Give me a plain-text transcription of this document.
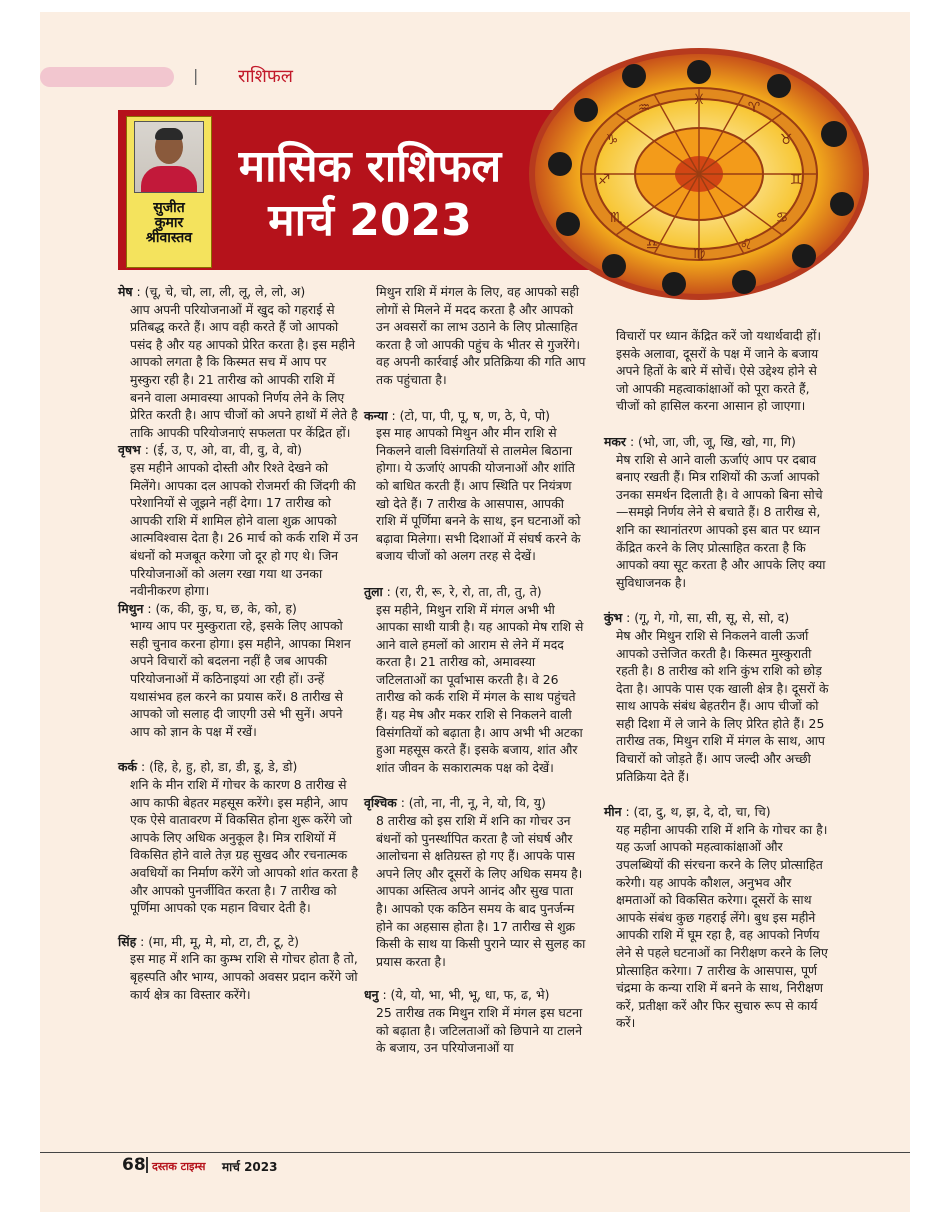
| राशिफल
सुजीत
कुमार
श्रीवास्तव
मासिक राशिफल
मार्च 2023
♓	♈
♉
♊
♋
♌
♍
♎
♏
♐
♑
♒
मेष : (चू, चे, चो, ला, ली, लू, ले, लो, अ)
आप अपनी परियोजनाओं में खुद को गहराई से प्रतिबद्ध करते हैं। आप वही करते हैं जो आपको पसंद है और यह आपको प्रेरित करता है। इस महीने आपको लगता है कि किस्मत सच में आप पर मुस्कुरा रही है। 21 तारीख को आपकी राशि में बनने वाला अमावस्या आपको निर्णय लेने के लिए प्रेरित करती है। आप चीजों को अपने हाथों में लेते है ताकि आपकी परियोजनाएं सफलता पर केंद्रित हों।
वृषभ : (ई, उ, ए, ओ, वा, वी, वु, वे, वो)
इस महीने आपको दोस्ती और रिश्ते देखने को मिलेंगे। आपका दल आपको रोजमर्रा की जिंदगी की परेशानियों से जूझने नहीं देगा। 17 तारीख को आपकी राशि में शामिल होने वाला शुक्र आपको आत्मविश्वास देता है। 26 मार्च को कर्क राशि में उन बंधनों को मजबूत करेगा जो दूर हो गए थे। जिन परियोजनाओं को अलग रखा गया था उनका नवीनीकरण होगा।
मिथुन : (क, की, कु, घ, छ, के, को, ह)
भाग्य आप पर मुस्कुराता रहे, इसके लिए आपको सही चुनाव करना होगा। इस महीने, आपका मिशन अपने विचारों को बदलना नहीं है जब आपकी परियोजनाओं में कठिनाइयां आ रही हों। उन्हें यथासंभव हल करने का प्रयास करें। 8 तारीख से आपको जो सलाह दी जाएगी उसे भी सुनें। अपने आप को ज्ञान के पक्ष में रखें।
कर्क : (हि, हे, हु, हो, डा, डी, डू, डे, डो)
शनि के मीन राशि में गोचर के कारण 8 तारीख से आप काफी बेहतर महसूस करेंगे। इस महीने, आप एक ऐसे वातावरण में विकसित होना शुरू करेंगे जो आपके लिए अधिक अनुकूल है। मित्र राशियों में विकसित होने वाले तेज़ ग्रह सुखद और रचनात्मक अवधियों का निर्माण करेंगे जो आपको शांत करता है और आपको पुनर्जीवित करता है। 7 तारीख को पूर्णिमा आपको एक महान विचार देती है।
सिंह : (मा, मी, मू, मे, मो, टा, टी, टू, टे)
इस माह में शनि का कुम्भ राशि से गोचर होता है तो, बृहस्पति और भाग्य, आपको अवसर प्रदान करेंगे जो कार्य क्षेत्र का विस्तार करेंगे।
मिथुन राशि में मंगल के लिए, वह आपको सही लोगों से मिलने में मदद करता है और आपको उन अवसरों का लाभ उठाने के लिए प्रोत्साहित करता है जो आपकी पहुंच के भीतर से गुजरेंगे। वह अपनी कार्रवाई और प्रतिक्रिया की गति आप तक पहुंचाता है।
कन्या : (टो, पा, पी, पू, ष, ण, ठे, पे, पो)
इस माह आपको मिथुन और मीन राशि से निकलने वाली विसंगतियों से तालमेल बिठाना होगा। ये ऊर्जाएं आपकी योजनाओं और शांति को बाधित करती हैं। आप स्थिति पर नियंत्रण खो देते हैं। 7 तारीख के आसपास, आपकी राशि में पूर्णिमा बनने के साथ, इन घटनाओं को बढ़ावा मिलेगा। सभी दिशाओं में संघर्ष करने के बजाय चीजों को अलग तरह से देखें।
तुला : (रा, री, रू, रे, रो, ता, ती, तु, ते)
इस महीने, मिथुन राशि में मंगल अभी भी आपका साथी यात्री है। यह आपको मेष राशि से आने वाले हमलों को आराम से लेने में मदद करता है। 21 तारीख को, अमावस्या जटिलताओं का पूर्वाभास करती है। वे 26 तारीख को कर्क राशि में मंगल के साथ पहुंचते हैं। यह मेष और मकर राशि से निकलने वाली विसंगतियों को बढ़ाता है। आप अभी भी अटका हुआ महसूस करते हैं। इसके बजाय, शांत और शांत जीवन के सकारात्मक पक्ष को देखें।
वृश्चिक : (तो, ना, नी, नू, ने, यो, यि, यु)
8 तारीख को इस राशि में शनि का गोचर उन बंधनों को पुनर्स्थापित करता है जो संघर्ष और आलोचना से क्षतिग्रस्त हो गए हैं। आपके पास अपने लिए और दूसरों के लिए अधिक समय है। आपका अस्तित्व अपने आनंद और सुख पाता है। आपको एक कठिन समय के बाद पुनर्जन्म होने का अहसास होता है। 17 तारीख से शुक्र किसी के साथ या किसी पुराने प्यार से सुलह का प्रयास करता है।
धनु : (ये, यो, भा, भी, भू, धा, फ, ढ, भे)
25 तारीख तक मिथुन राशि में मंगल इस घटना को बढ़ाता है। जटिलताओं को छिपाने या टालने के बजाय, उन परियोजनाओं या
विचारों पर ध्यान केंद्रित करें जो यथार्थवादी हों। इसके अलावा, दूसरों के पक्ष में जाने के बजाय अपने हितों के बारे में सोचें। ऐसे उद्देश्य होने से जो आपकी महत्वाकांक्षाओं को पूरा करते हैं, चीजों को हासिल करना आसान हो जाएगा।
मकर : (भो, जा, जी, जू, खि, खो, गा, गि)
मेष राशि से आने वाली ऊर्जाएं आप पर दबाव बनाए रखती हैं। मित्र राशियों की ऊर्जा आपको उनका समर्थन दिलाती है। वे आपको बिना सोचे—समझे निर्णय लेने से बचाते हैं। 8 तारीख से, शनि का स्थानांतरण आपको इस बात पर ध्यान केंद्रित करने के लिए प्रोत्साहित करता है कि आपको क्या सूट करता है और आपके लिए क्या सुविधाजनक है।
कुंभ : (गू, गे, गो, सा, सी, सू, से, सो, द)
मेष और मिथुन राशि से निकलने वाली ऊर्जा आपको उत्तेजित करती है। किस्मत मुस्कुराती रहती है। 8 तारीख को शनि कुंभ राशि को छोड़ देता है। आपके पास एक खाली क्षेत्र है। दूसरों के साथ आपके संबंध बेहतरीन हैं। आप चीजों को सही दिशा में ले जाने के लिए प्रेरित होते हैं। 25 तारीख तक, मिथुन राशि में मंगल के साथ, आप विचारों को जोड़ते हैं। आप जल्दी और अच्छी प्रतिक्रिया देते हैं।
मीन : (दा, दु, थ, झ, दे, दो, चा, चि)
यह महीना आपकी राशि में शनि के गोचर का है। यह ऊर्जा आपको महत्वाकांक्षाओं और उपलब्धियों की संरचना करने के लिए प्रोत्साहित करेगी। यह आपके कौशल, अनुभव और क्षमताओं को विकसित करेगा। दूसरों के साथ आपके संबंध कुछ गहराई लेंगे। बुध इस महीने आपकी राशि में घूम रहा है, वह आपको निर्णय लेने से पहले घटनाओं का निरीक्षण करने के लिए प्रोत्साहित करेगा। 7 तारीख के आसपास, पूर्ण चंद्रमा के कन्या राशि में बनने के साथ, निरीक्षण करें, प्रतीक्षा करें और फिर सुचारु रूप से कार्य करें।
68 दस्तक टाइम्स मार्च 2023
